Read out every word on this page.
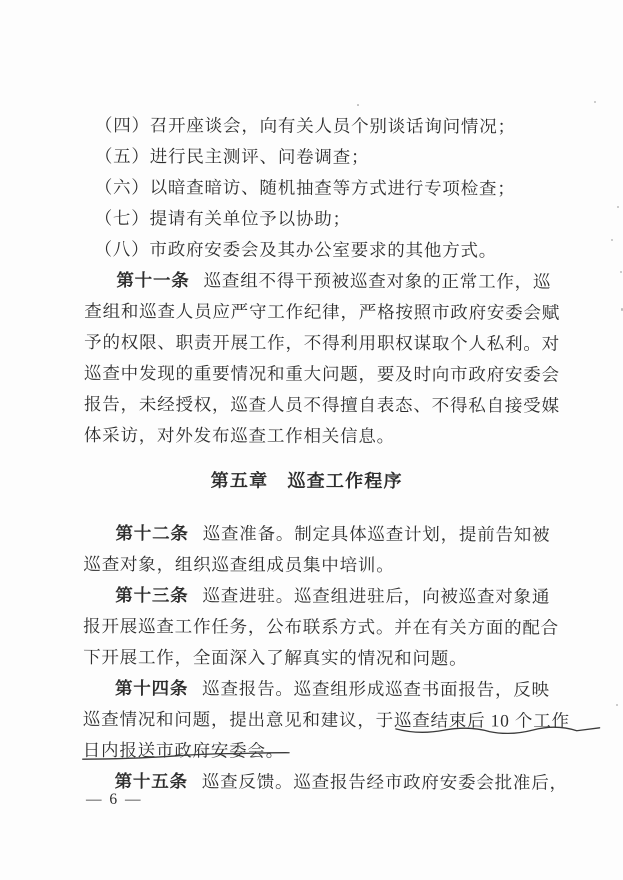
（四）召开座谈会，向有关人员个别谈话询问情况；
（五）进行民主测评、问卷调查；
（六）以暗查暗访、随机抽查等方式进行专项检查；
（七）提请有关单位予以协助；
（八）市政府安委会及其办公室要求的其他方式。
第十一条 巡查组不得干预被巡查对象的正常工作，巡
查组和巡查人员应严守工作纪律，严格按照市政府安委会赋
予的权限、职责开展工作，不得利用职权谋取个人私利。对
巡查中发现的重要情况和重大问题，要及时向市政府安委会
报告，未经授权，巡查人员不得擅自表态、不得私自接受媒
体采访，对外发布巡查工作相关信息。
第五章　巡查工作程序
第十二条 巡查准备。制定具体巡查计划，提前告知被
巡查对象，组织巡查组成员集中培训。
第十三条 巡查进驻。巡查组进驻后，向被巡查对象通
报开展巡查工作任务，公布联系方式。并在有关方面的配合
下开展工作，全面深入了解真实的情况和问题。
第十四条 巡查报告。巡查组形成巡查书面报告，反映
巡查情况和问题，提出意见和建议，于巡查结束后 10 个工作
日内报送市政府安委会。
第十五条 巡查反馈。巡查报告经市政府安委会批准后，
— 6 —
